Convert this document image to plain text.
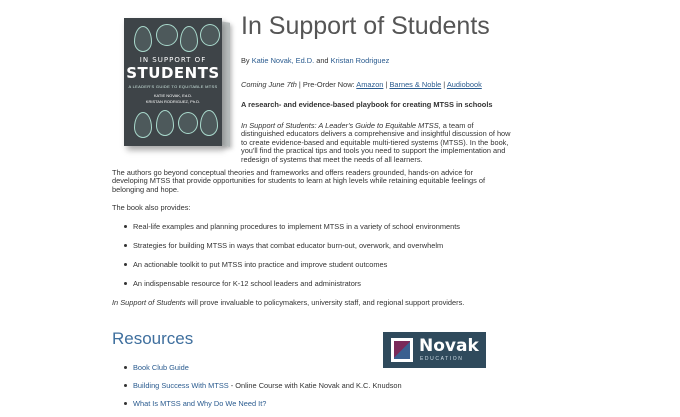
IN SUPPORT OF
STUDENTS
A LEADER'S GUIDE TO EQUITABLE MTSS
KATIE NOVAK, Ed.D.
KRISTAN RODRIGUEZ, Ph.D.
In Support of Students

By Katie Novak, Ed.D. and Kristan Rodriguez

Coming June 7th | Pre-Order Now: Amazon | Barnes & Noble | Audiobook

A research- and evidence-based playbook for creating MTSS in schools

In Support of Students: A Leader's Guide to Equitable MTSS, a team of distinguished educators delivers a comprehensive and insightful discussion of how to create evidence-based and equitable multi-tiered systems (MTSS). In the book, you'll find the practical tips and tools you need to support the implementation and redesign of systems that meet the needs of all learners.

The authors go beyond conceptual theories and frameworks and offers readers grounded, hands-on advice for developing MTSS that provide opportunities for students to learn at high levels while retaining equitable feelings of belonging and hope.

The book also provides:

Real-life examples and planning procedures to implement MTSS in a variety of school environments
Strategies for building MTSS in ways that combat educator burn-out, overwork, and overwhelm
An actionable toolkit to put MTSS into practice and improve student outcomes
An indispensable resource for K-12 school leaders and administrators

In Support of Students will prove invaluable to policymakers, university staff, and regional support providers.

Resources	Novak
EDUCATION
Book Club Guide
Building Success With MTSS - Online Course with Katie Novak and K.C. Knudson
What Is MTSS and Why Do We Need It?
